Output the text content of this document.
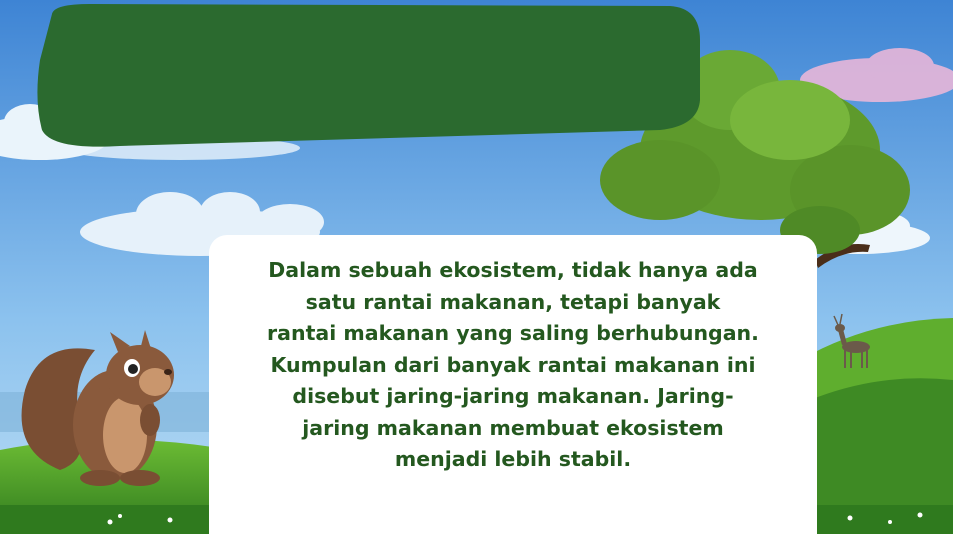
Dalam sebuah ekosistem, tidak hanya ada
satu rantai makanan, tetapi banyak
rantai makanan yang saling berhubungan.
Kumpulan dari banyak rantai makanan ini
disebut jaring-jaring makanan. Jaring-
jaring makanan membuat ekosistem
menjadi lebih stabil.
